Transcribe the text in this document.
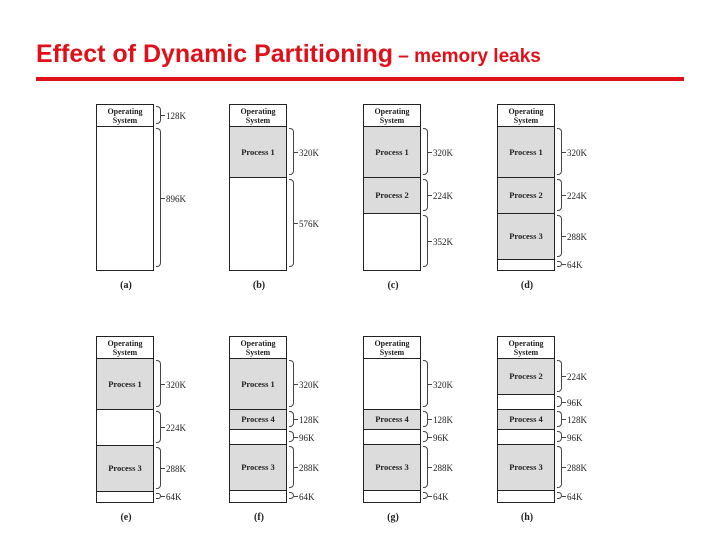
Effect of Dynamic Partitioning – memory leaks
Operating System	128K
896K
(a)
Operating System
Process 1	320K
576K
(b)
Operating System
Process 1
Process 2
320K
224K
352K
(c)
Operating System
Process 1
Process 2
Process 3
320K
224K
288K
64K
(d)
Operating System
Process 1
Process 3
320K
224K
288K
64K
(e)
Operating System
Process 1
Process 4
Process 3
320K
128K
96K
288K
64K
(f)
Operating System
Process 4
Process 3
320K
128K
96K
288K
64K
(g)
Operating System
Process 2
Process 4
Process 3
224K
96K
128K
96K
288K
64K
(h)
